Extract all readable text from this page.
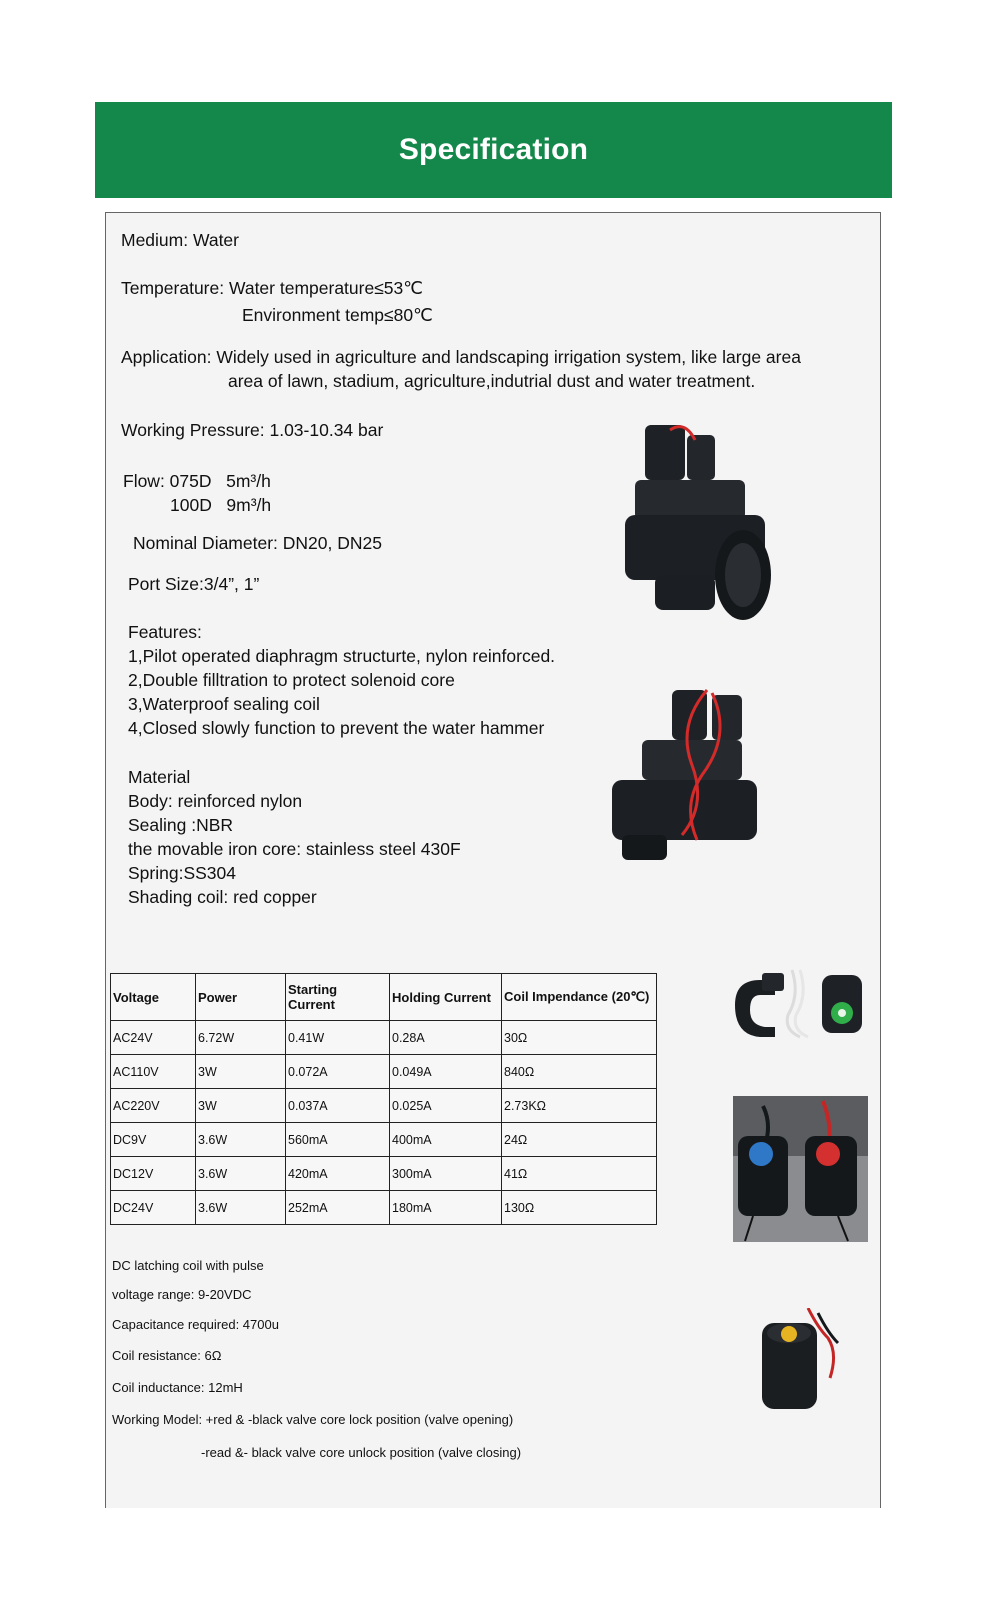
Specification
Medium: Water
Temperature: Water temperature≤53℃
Environment temp≤80℃
Application: Widely used in agriculture and landscaping irrigation system, like large area
area of lawn, stadium, agriculture,indutrial dust and water treatment.
Working Pressure: 1.03-10.34 bar
Flow: 075D   5m³/h
100D   9m³/h
Nominal Diameter: DN20, DN25
Port Size:3/4”, 1”
Features:
1,Pilot operated diaphragm structurte, nylon reinforced.
2,Double filltration to protect solenoid core
3,Waterproof sealing coil
4,Closed slowly function to prevent the water hammer
Material
Body: reinforced nylon
Sealing :NBR
the movable iron core: stainless steel 430F
Spring:SS304
Shading coil: red copper
Voltage	Power	Starting Current	Holding Current	Coil Impendance (20℃)
AC24V	6.72W	0.41W	0.28A	30Ω
AC110V	3W	0.072A	0.049A	840Ω
AC220V	3W	0.037A	0.025A	2.73KΩ
DC9V	3.6W	560mA	400mA	24Ω
DC12V	3.6W	420mA	300mA	41Ω
DC24V	3.6W	252mA	180mA	130Ω
DC latching coil with pulse
voltage range: 9-20VDC
Capacitance required: 4700u
Coil resistance: 6Ω
Coil inductance: 12mH
Working Model: +red & -black valve core lock position (valve opening)
-read &- black valve core unlock position (valve closing)
